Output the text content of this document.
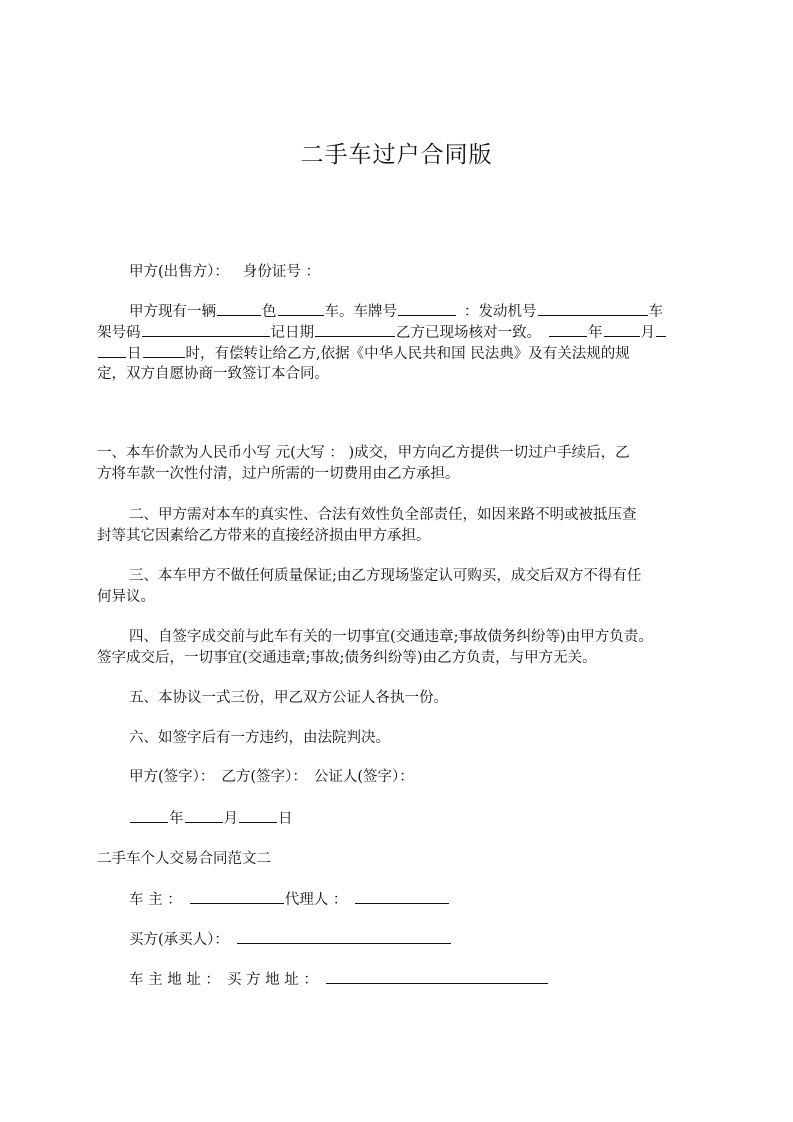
二手车过户合同版
甲方(出售方）： 身份证号 ：
甲方现有一辆	色	车。车牌号	：发动机号	车
架号码	记日期	乙方已现场核对一致。	年	月
日	时，有偿转让给乙方,依据《中华人民共和国 民法典》及有关法规的规
定，双方自愿协商一致签订本合同。
一、本车价款为人民币小写 元(大写 ： )成交，甲方向乙方提供一切过户手续后，乙
方将车款一次性付清，过户所需的一切费用由乙方承担。
二、甲方需对本车的真实性、合法有效性负全部责任，如因来路不明或被抵压查
封等其它因素给乙方带来的直接经济损由甲方承担。
三、本车甲方不做任何质量保证;由乙方现场鉴定认可购买，成交后双方不得有任
何异议。
四、自签字成交前与此车有关的一切事宜(交通违章;事故债务纠纷等)由甲方负责。
签字成交后，一切事宜(交通违章;事故;债务纠纷等)由乙方负责，与甲方无关。
五、本协议一式三份，甲乙双方公证人各执一份。
六、如签字后有一方违约，由法院判决。
甲方(签字）： 乙方(签字）： 公证人(签字）：
年	月	日
二手车个人交易合同范文二
车 主 ：	代理人 ：
买方(承买人）：
车 主 地 址 ： 买 方 地 址 ：
